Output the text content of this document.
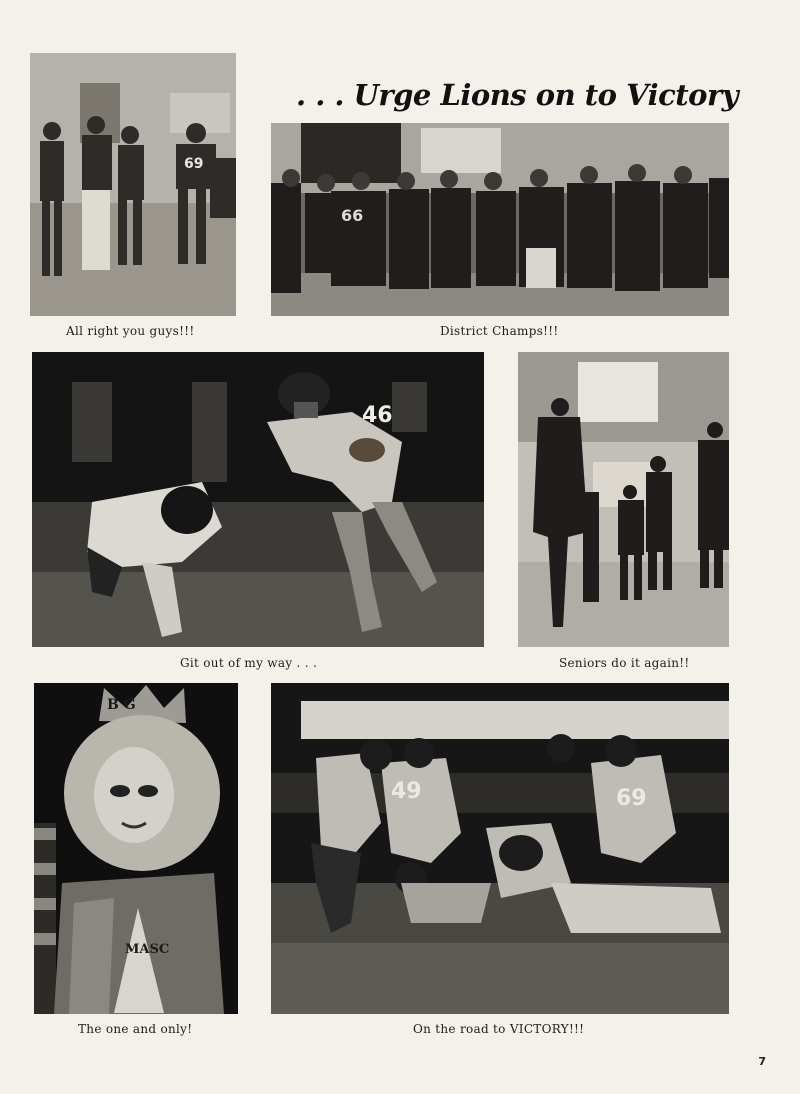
. . . Urge Lions on to Victory
69
All right you guys!!!
66
District Champs!!!
46
Git out of my way . . .	Seniors do it again!!
B G
MASC
The one and only!
49	69
On the road to VICTORY!!!
7
